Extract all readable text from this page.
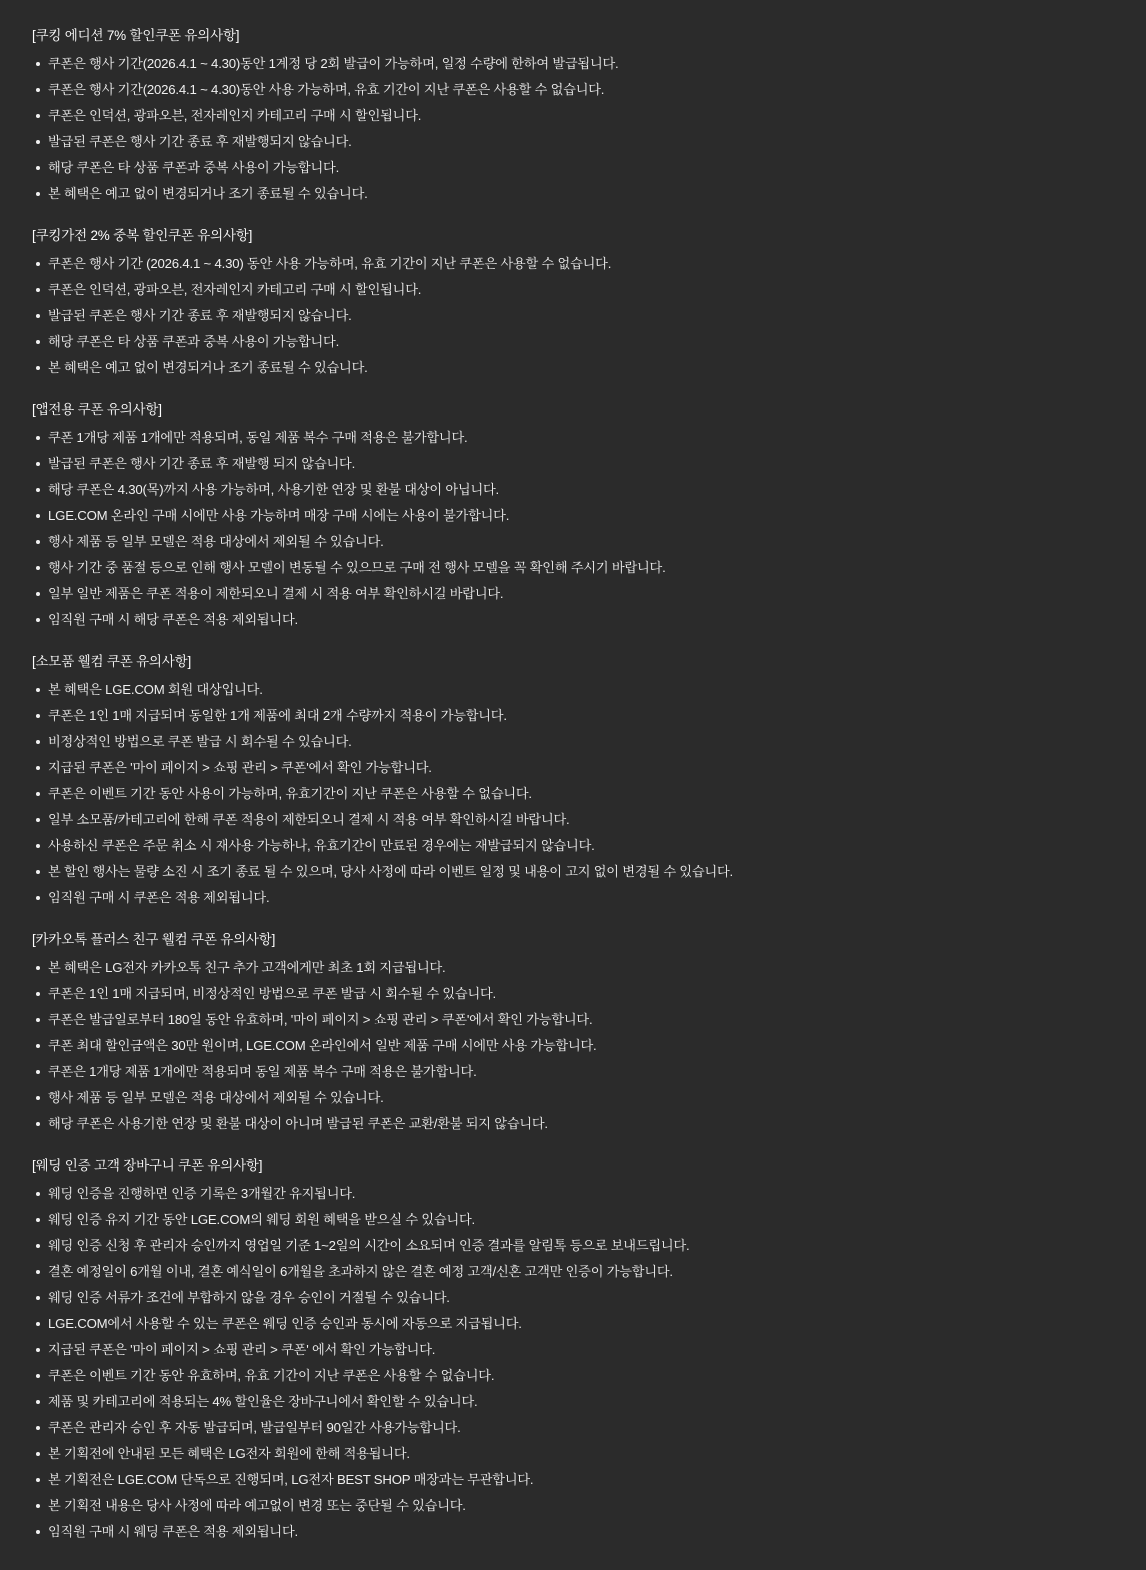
[쿠킹 에디션 7% 할인쿠폰 유의사항]
쿠폰은 행사 기간(2026.4.1 ~ 4.30)동안 1계정 당 2회 발급이 가능하며, 일정 수량에 한하여 발급됩니다.
쿠폰은 행사 기간(2026.4.1 ~ 4.30)동안 사용 가능하며, 유효 기간이 지난 쿠폰은 사용할 수 없습니다.
쿠폰은 인덕션, 광파오븐, 전자레인지 카테고리 구매 시 할인됩니다.
발급된 쿠폰은 행사 기간 종료 후 재발행되지 않습니다.
해당 쿠폰은 타 상품 쿠폰과 중복 사용이 가능합니다.
본 혜택은 예고 없이 변경되거나 조기 종료될 수 있습니다.
[쿠킹가전 2% 중복 할인쿠폰 유의사항]
쿠폰은 행사 기간 (2026.4.1 ~ 4.30) 동안 사용 가능하며, 유효 기간이 지난 쿠폰은 사용할 수 없습니다.
쿠폰은 인덕션, 광파오븐, 전자레인지 카테고리 구매 시 할인됩니다.
발급된 쿠폰은 행사 기간 종료 후 재발행되지 않습니다.
해당 쿠폰은 타 상품 쿠폰과 중복 사용이 가능합니다.
본 혜택은 예고 없이 변경되거나 조기 종료될 수 있습니다.
[앱전용 쿠폰 유의사항]
쿠폰 1개당 제품 1개에만 적용되며, 동일 제품 복수 구매 적용은 불가합니다.
발급된 쿠폰은 행사 기간 종료 후 재발행 되지 않습니다.
해당 쿠폰은 4.30(목)까지 사용 가능하며, 사용기한 연장 및 환불 대상이 아닙니다.
LGE.COM 온라인 구매 시에만 사용 가능하며 매장 구매 시에는 사용이 불가합니다.
행사 제품 등 일부 모델은 적용 대상에서 제외될 수 있습니다.
행사 기간 중 품절 등으로 인해 행사 모델이 변동될 수 있으므로 구매 전 행사 모델을 꼭 확인해 주시기 바랍니다.
일부 일반 제품은 쿠폰 적용이 제한되오니 결제 시 적용 여부 확인하시길 바랍니다.
임직원 구매 시 해당 쿠폰은 적용 제외됩니다.
[소모품 웰컴 쿠폰 유의사항]
본 혜택은 LGE.COM 회원 대상입니다.
쿠폰은 1인 1매 지급되며 동일한 1개 제품에 최대 2개 수량까지 적용이 가능합니다.
비정상적인 방법으로 쿠폰 발급 시 회수될 수 있습니다.
지급된 쿠폰은 '마이 페이지 > 쇼핑 관리 > 쿠폰'에서 확인 가능합니다.
쿠폰은 이벤트 기간 동안 사용이 가능하며, 유효기간이 지난 쿠폰은 사용할 수 없습니다.
일부 소모품/카테고리에 한해 쿠폰 적용이 제한되오니 결제 시 적용 여부 확인하시길 바랍니다.
사용하신 쿠폰은 주문 취소 시 재사용 가능하나, 유효기간이 만료된 경우에는 재발급되지 않습니다.
본 할인 행사는 물량 소진 시 조기 종료 될 수 있으며, 당사 사정에 따라 이벤트 일정 및 내용이 고지 없이 변경될 수 있습니다.
임직원 구매 시 쿠폰은 적용 제외됩니다.
[카카오톡 플러스 친구 웰컴 쿠폰 유의사항]
본 혜택은 LG전자 카카오톡 친구 추가 고객에게만 최초 1회 지급됩니다.
쿠폰은 1인 1매 지급되며, 비정상적인 방법으로 쿠폰 발급 시 회수될 수 있습니다.
쿠폰은 발급일로부터 180일 동안 유효하며, '마이 페이지 > 쇼핑 관리 > 쿠폰'에서 확인 가능합니다.
쿠폰 최대 할인금액은 30만 원이며, LGE.COM 온라인에서 일반 제품 구매 시에만 사용 가능합니다.
쿠폰은 1개당 제품 1개에만 적용되며 동일 제품 복수 구매 적용은 불가합니다.
행사 제품 등 일부 모델은 적용 대상에서 제외될 수 있습니다.
해당 쿠폰은 사용기한 연장 및 환불 대상이 아니며 발급된 쿠폰은 교환/환불 되지 않습니다.
[웨딩 인증 고객 장바구니 쿠폰 유의사항]
웨딩 인증을 진행하면 인증 기록은 3개월간 유지됩니다.
웨딩 인증 유지 기간 동안 LGE.COM의 웨딩 회원 혜택을 받으실 수 있습니다.
웨딩 인증 신청 후 관리자 승인까지 영업일 기준 1~2일의 시간이 소요되며 인증 결과를 알림톡 등으로 보내드립니다.
결혼 예정일이 6개월 이내, 결혼 예식일이 6개월을 초과하지 않은 결혼 예정 고객/신혼 고객만 인증이 가능합니다.
웨딩 인증 서류가 조건에 부합하지 않을 경우 승인이 거절될 수 있습니다.
LGE.COM에서 사용할 수 있는 쿠폰은 웨딩 인증 승인과 동시에 자동으로 지급됩니다.
지급된 쿠폰은 '마이 페이지 > 쇼핑 관리 > 쿠폰' 에서 확인 가능합니다.
쿠폰은 이벤트 기간 동안 유효하며, 유효 기간이 지난 쿠폰은 사용할 수 없습니다.
제품 및 카테고리에 적용되는 4% 할인율은 장바구니에서 확인할 수 있습니다.
쿠폰은 관리자 승인 후 자동 발급되며, 발급일부터 90일간 사용가능합니다.
본 기획전에 안내된 모든 혜택은 LG전자 회원에 한해 적용됩니다.
본 기획전은 LGE.COM 단독으로 진행되며, LG전자 BEST SHOP 매장과는 무관합니다.
본 기획전 내용은 당사 사정에 따라 예고없이 변경 또는 중단될 수 있습니다.
임직원 구매 시 웨딩 쿠폰은 적용 제외됩니다.
